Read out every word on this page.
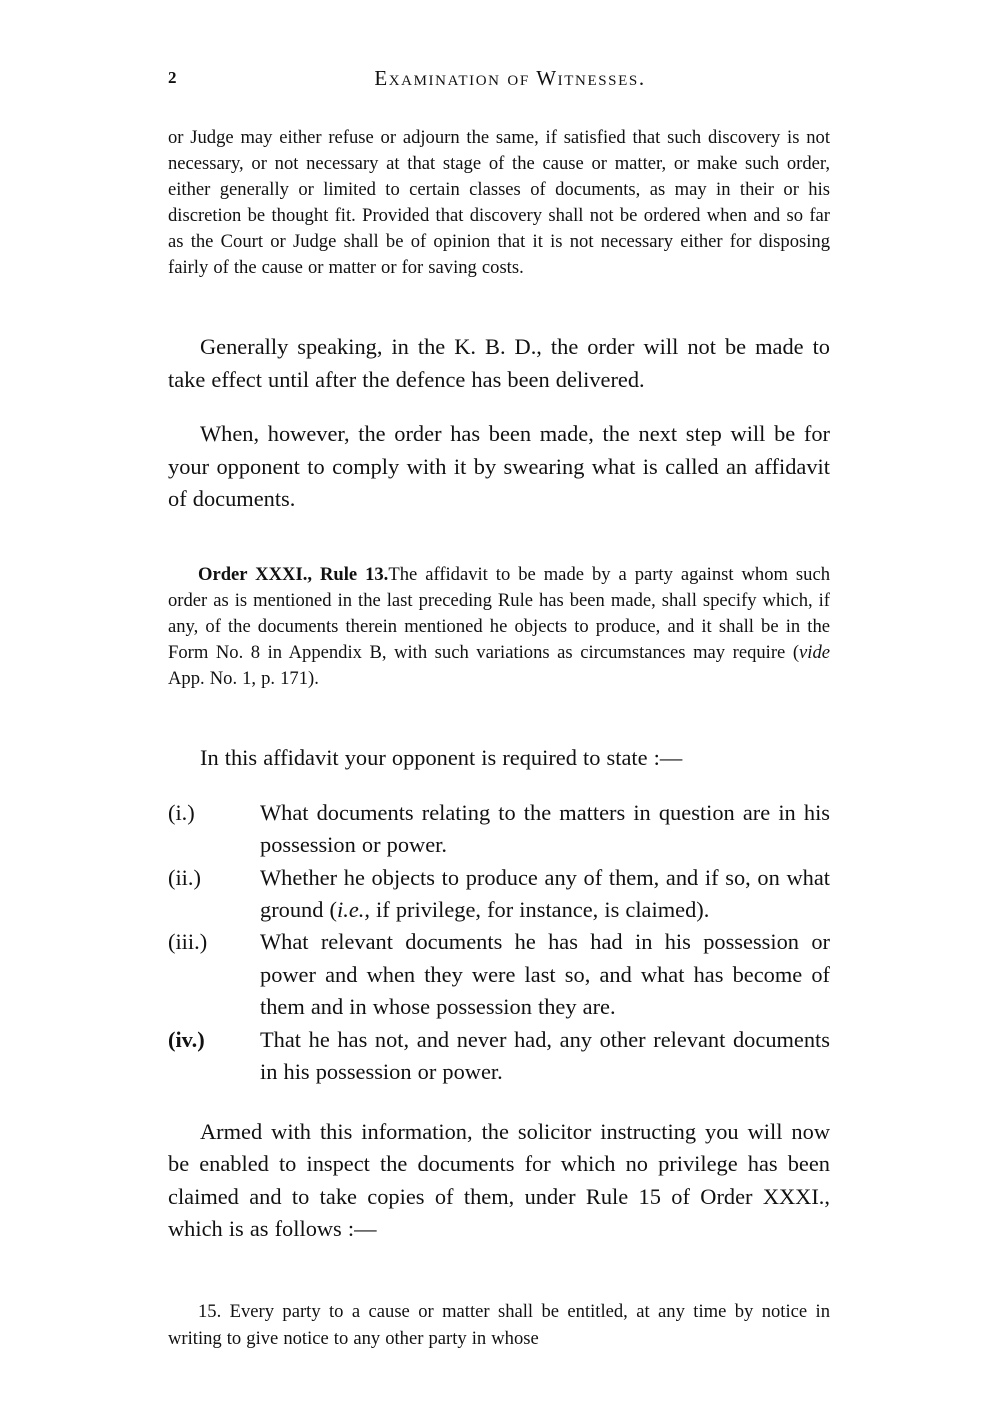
2	Examination of Witnesses.

or Judge may either refuse or adjourn the same, if satisfied that such discovery is not necessary, or not necessary at that stage of the cause or matter, or make such order, either generally or limited to certain classes of documents, as may in their or his discretion be thought fit. Provided that discovery shall not be ordered when and so far as the Court or Judge shall be of opinion that it is not necessary either for disposing fairly of the cause or matter or for saving costs.

Generally speaking, in the K. B. D., the order will not be made to take effect until after the defence has been delivered.

When, however, the order has been made, the next step will be for your opponent to comply with it by swearing what is called an affidavit of documents.

Order XXXI., Rule 13.The affidavit to be made by a party against whom such order as is mentioned in the last preceding Rule has been made, shall specify which, if any, of the documents therein mentioned he objects to produce, and it shall be in the Form No. 8 in Appendix B, with such variations as circumstances may require (vide App. No. 1, p. 171).

In this affidavit your opponent is required to state :—

(i.)	What documents relating to the matters in question are in his possession or power.
(ii.)	Whether he objects to produce any of them, and if so, on what ground (i.e., if privilege, for instance, is claimed).
(iii.)	What relevant documents he has had in his possession or power and when they were last so, and what has become of them and in whose possession they are.
(iv.)	That he has not, and never had, any other relevant documents in his possession or power.

Armed with this information, the solicitor instructing you will now be enabled to inspect the documents for which no privilege has been claimed and to take copies of them, under Rule 15 of Order XXXI., which is as follows :—

15. Every party to a cause or matter shall be entitled, at any time by notice in writing to give notice to any other party in whose
